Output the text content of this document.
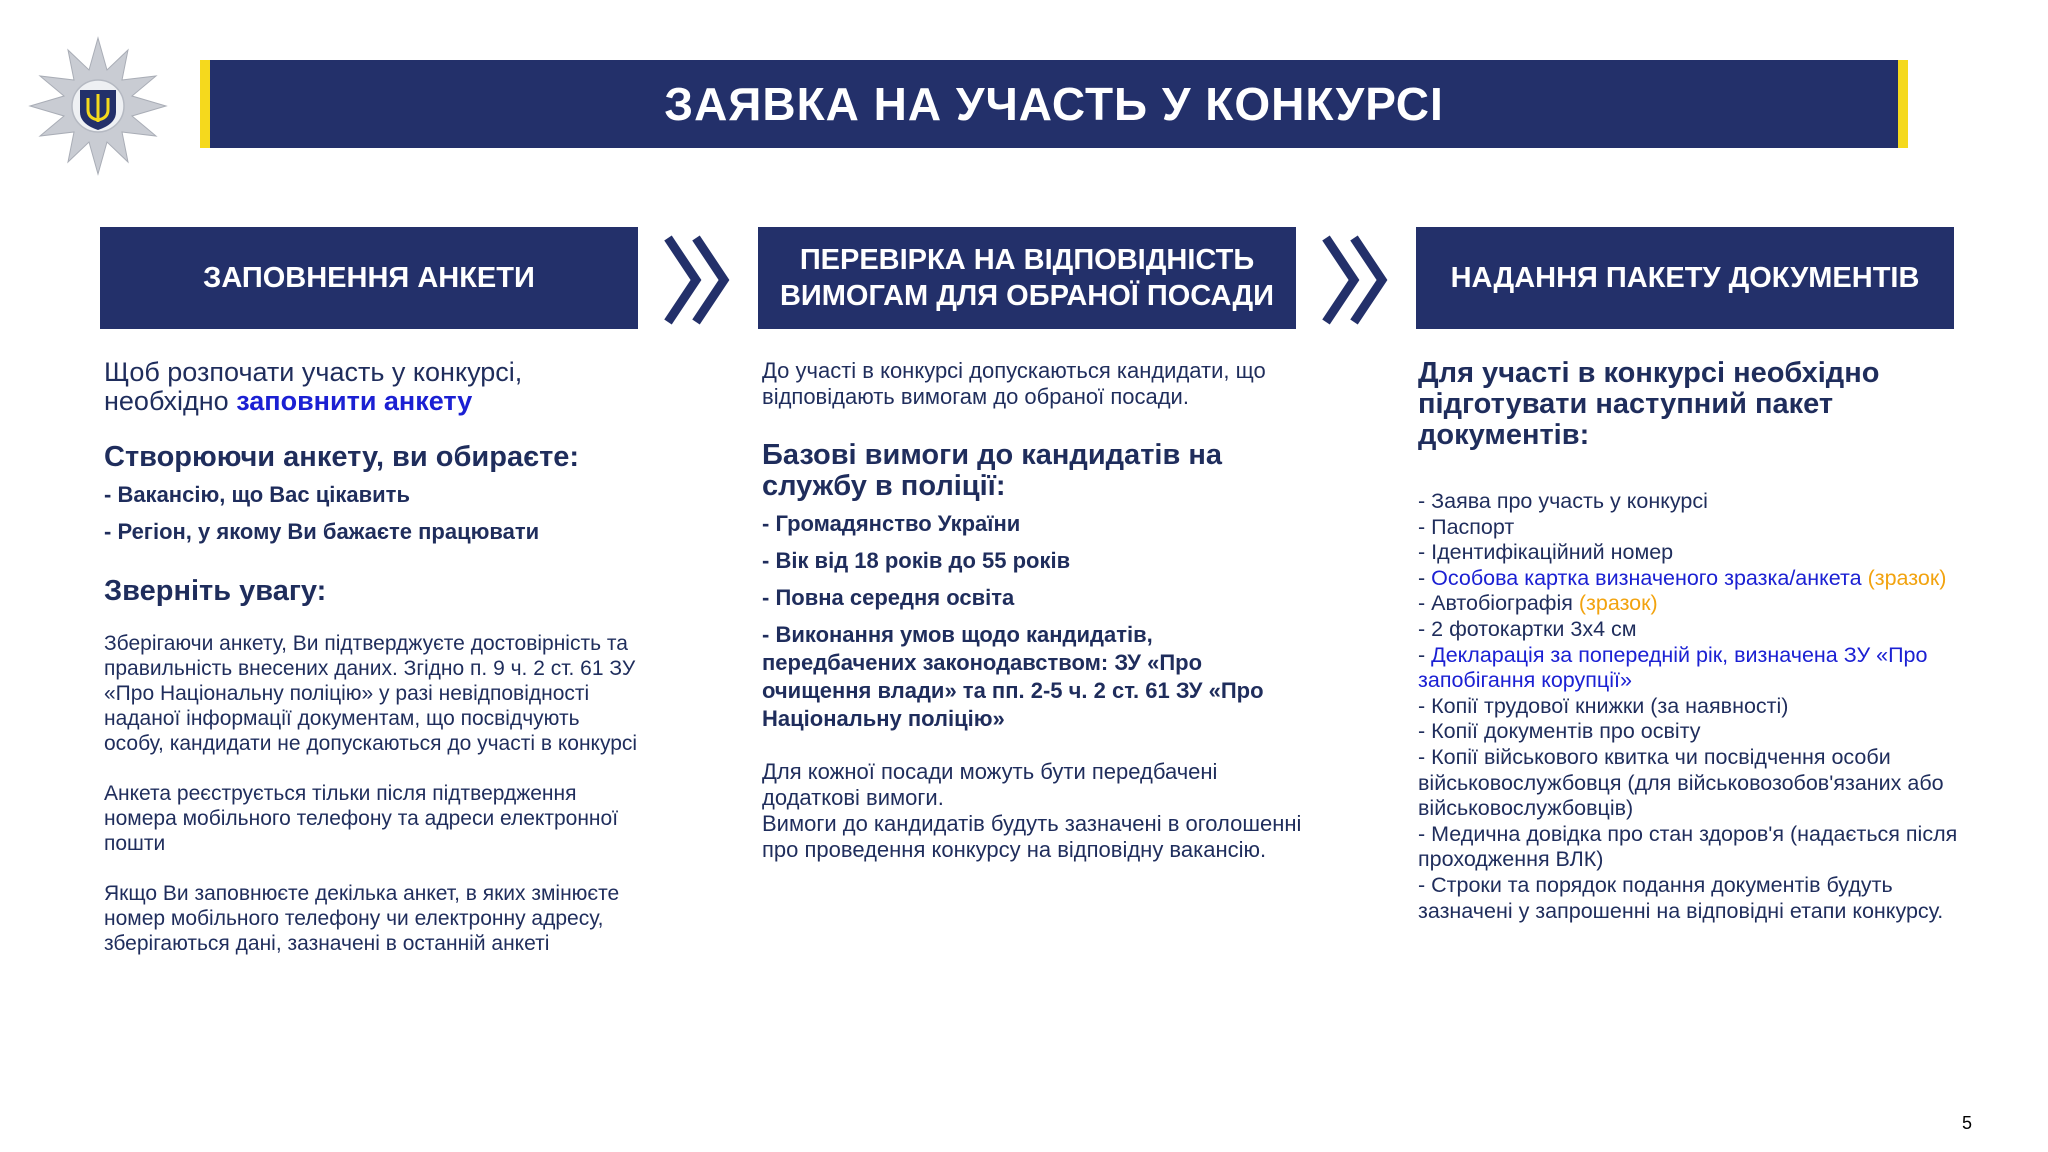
ЗАЯВКА НА УЧАСТЬ У КОНКУРСІ
ЗАПОВНЕННЯ АНКЕТИ
ПЕРЕВІРКА НА ВІДПОВІДНІСТЬ
ВИМОГАМ ДЛЯ ОБРАНОЇ ПОСАДИ
НАДАННЯ ПАКЕТУ ДОКУМЕНТІВ

Щоб розпочати участь у конкурсі,

необхідно заповнити анкету

Створюючи анкету, ви обираєте:

- Вакансію, що Вас цікавить

- Регіон, у якому Ви бажаєте працювати

Зверніть увагу:

Зберігаючи анкету, Ви підтверджуєте достовірність та правильність внесених даних. Згідно п. 9 ч. 2 ст. 61 ЗУ «Про Національну поліцію» у разі невідповідності наданої інформації документам, що посвідчують особу, кандидати не допускаються до участі в конкурсі

Анкета реєструється тільки після підтвердження номера мобільного телефону та адреси електронної пошти

Якщо Ви заповнюєте декілька анкет, в яких змінюєте номер мобільного телефону чи електронну адресу, зберігаються дані, зазначені в останній анкеті

До участі в конкурсі допускаються кандидати, що відповідають вимогам до обраної посади.

Базові вимоги до кандидатів на службу в поліції:

- Громадянство України

- Вік від 18 років до 55 років

- Повна середня освіта

- Виконання умов щодо кандидатів, передбачених законодавством: ЗУ «Про очищення влади» та пп. 2-5 ч. 2 ст. 61 ЗУ «Про Національну поліцію»

Для кожної посади можуть бути передбачені додаткові вимоги.

Вимоги до кандидатів будуть зазначені в оголошенні про проведення конкурсу на відповідну вакансію.

Для участі в конкурсі необхідно підготувати наступний пакет документів:

- Заява про участь у конкурсі
- Паспорт
- Ідентифікаційний номер
- Особова картка визначеного зразка/анкета (зразок)
- Автобіографія (зразок)
- 2 фотокартки 3х4 см
- Декларація за попередній рік, визначена ЗУ «Про запобігання корупції»
- Копії трудової книжки (за наявності)
- Копії документів про освіту
- Копії військового квитка чи посвідчення особи військовослужбовця (для військовозобов'язаних або військовослужбовців)
- Медична довідка про стан здоров'я (надається після проходження ВЛК)
- Строки та порядок подання документів будуть зазначені у запрошенні на відповідні етапи конкурсу.
5
